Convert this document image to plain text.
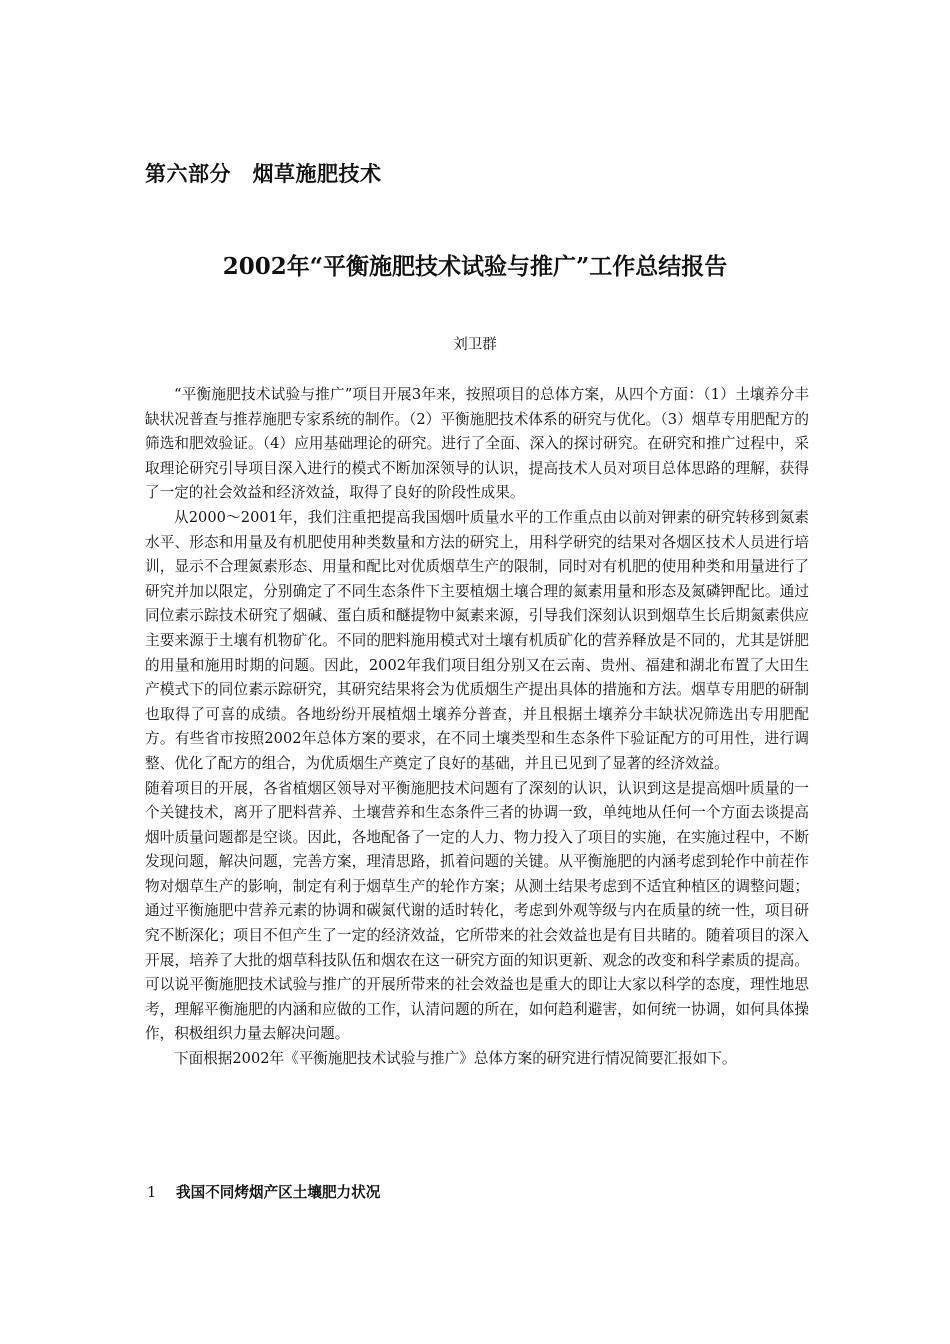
第六部分　烟草施肥技术
2002年“平衡施肥技术试验与推广”工作总结报告
刘卫群

“平衡施肥技术试验与推广”项目开展3年来，按照项目的总体方案，从四个方面：（1）土壤养分丰缺状况普查与推荐施肥专家系统的制作。（2）平衡施肥技术体系的研究与优化。（3）烟草专用肥配方的筛选和肥效验证。（4）应用基础理论的研究。进行了全面、深入的探讨研究。在研究和推广过程中，采取理论研究引导项目深入进行的模式不断加深领导的认识，提高技术人员对项目总体思路的理解，获得了一定的社会效益和经济效益，取得了良好的阶段性成果。

从2000～2001年，我们注重把提高我国烟叶质量水平的工作重点由以前对钾素的研究转移到氮素水平、形态和用量及有机肥使用种类数量和方法的研究上，用科学研究的结果对各烟区技术人员进行培训，显示不合理氮素形态、用量和配比对优质烟草生产的限制，同时对有机肥的使用种类和用量进行了研究并加以限定，分别确定了不同生态条件下主要植烟土壤合理的氮素用量和形态及氮磷钾配比。通过同位素示踪技术研究了烟碱、蛋白质和醚提物中氮素来源，引导我们深刻认识到烟草生长后期氮素供应主要来源于土壤有机物矿化。不同的肥料施用模式对土壤有机质矿化的营养释放是不同的，尤其是饼肥的用量和施用时期的问题。因此，2002年我们项目组分别又在云南、贵州、福建和湖北布置了大田生产模式下的同位素示踪研究，其研究结果将会为优质烟生产提出具体的措施和方法。烟草专用肥的研制也取得了可喜的成绩。各地纷纷开展植烟土壤养分普查，并且根据土壤养分丰缺状况筛选出专用肥配方。有些省市按照2002年总体方案的要求，在不同土壤类型和生态条件下验证配方的可用性，进行调整、优化了配方的组合，为优质烟生产奠定了良好的基础，并且已见到了显著的经济效益。

随着项目的开展，各省植烟区领导对平衡施肥技术问题有了深刻的认识，认识到这是提高烟叶质量的一个关键技术，离开了肥料营养、土壤营养和生态条件三者的协调一致，单纯地从任何一个方面去谈提高烟叶质量问题都是空谈。因此，各地配备了一定的人力、物力投入了项目的实施，在实施过程中，不断发现问题，解决问题，完善方案，理清思路，抓着问题的关键。从平衡施肥的内涵考虑到轮作中前茬作物对烟草生产的影响，制定有利于烟草生产的轮作方案；从测土结果考虑到不适宜种植区的调整问题；通过平衡施肥中营养元素的协调和碳氮代谢的适时转化，考虑到外观等级与内在质量的统一性，项目研究不断深化；项目不但产生了一定的经济效益，它所带来的社会效益也是有目共睹的。随着项目的深入开展，培养了大批的烟草科技队伍和烟农在这一研究方面的知识更新、观念的改变和科学素质的提高。可以说平衡施肥技术试验与推广的开展所带来的社会效益也是重大的即让大家以科学的态度，理性地思考，理解平衡施肥的内涵和应做的工作，认清问题的所在，如何趋利避害，如何统一协调，如何具体操作，积极组织力量去解决问题。

下面根据2002年《平衡施肥技术试验与推广》总体方案的研究进行情况简要汇报如下。

1 我国不同烤烟产区土壤肥力状况
